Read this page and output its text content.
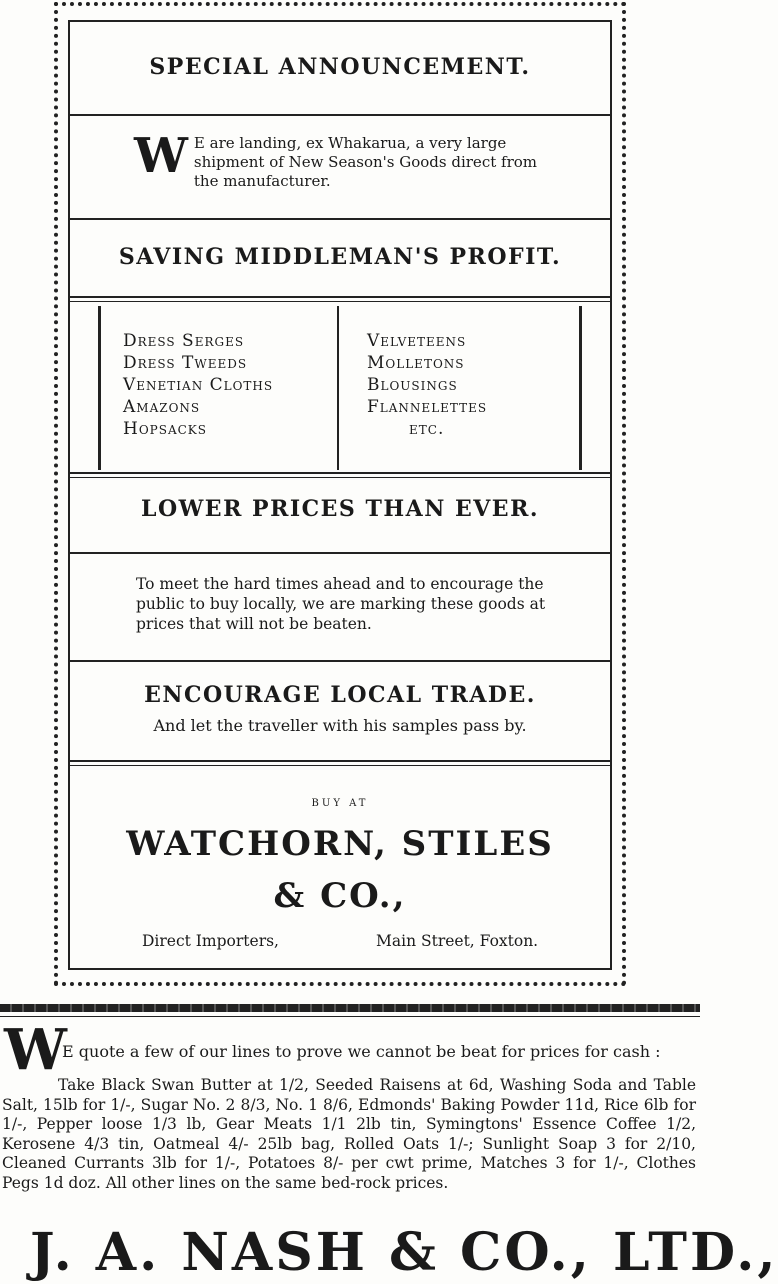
SPECIAL ANNOUNCEMENT.
W E are landing, ex Whakarua, a very large shipment of New Season's Goods direct from the manufacturer.
SAVING MIDDLEMAN'S PROFIT.
Dress Serges
Dress Tweeds
Venetian Cloths
Amazons
Hopsacks
Velveteens
Molletons
Blousings
Flannelettes
etc.
LOWER PRICES THAN EVER.
To meet the hard times ahead and to encourage the public to buy locally, we are marking these goods at prices that will not be beaten.
ENCOURAGE LOCAL TRADE.
And let the traveller with his samples pass by.
BUY AT
WATCHORN, STILES
& CO.,
Direct Importers,	Main Street, Foxton.
W
E quote a few of our lines to prove we cannot be beat for prices for cash :
Take Black Swan Butter at 1/2, Seeded Raisens at 6d, Washing Soda and Table Salt, 15lb for 1/-, Sugar No. 2 8/3, No. 1 8/6, Edmonds' Baking Powder 11d, Rice 6lb for 1/-, Pepper loose 1/3 lb, Gear Meats 1/1 2lb tin, Symingtons' Essence Coffee 1/2, Kerosene 4/3 tin, Oatmeal 4/- 25lb bag, Rolled Oats 1/-; Sunlight Soap 3 for 2/10, Cleaned Currants 3lb for 1/-, Potatoes 8/- per cwt prime, Matches 3 for 1/-, Clothes Pegs 1d doz. All other lines on the same bed-rock prices.
J. A. NASH & CO., LTD.,
